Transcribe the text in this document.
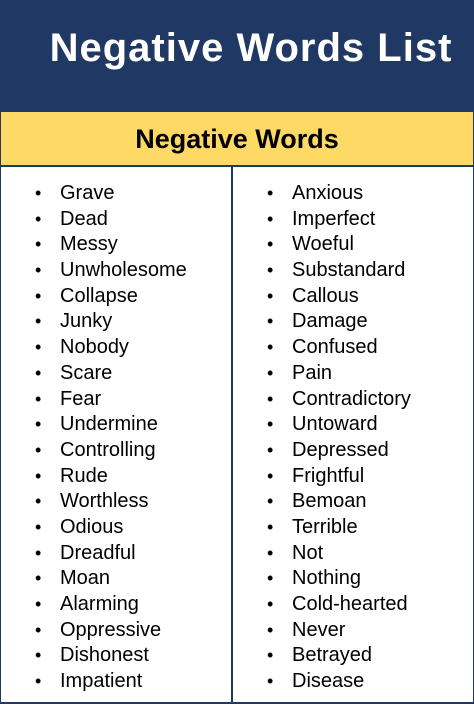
Negative Words List
Negative Words
• Grave
• Dead
• Messy
• Unwholesome
• Collapse
• Junky
• Nobody
• Scare
• Fear
• Undermine
• Controlling
• Rude
• Worthless
• Odious
• Dreadful
• Moan
• Alarming
• Oppressive
• Dishonest
• Impatient
• Anxious
• Imperfect
• Woeful
• Substandard
• Callous
• Damage
• Confused
• Pain
• Contradictory
• Untoward
• Depressed
• Frightful
• Bemoan
• Terrible
• Not
• Nothing
• Cold-hearted
• Never
• Betrayed
• Disease
